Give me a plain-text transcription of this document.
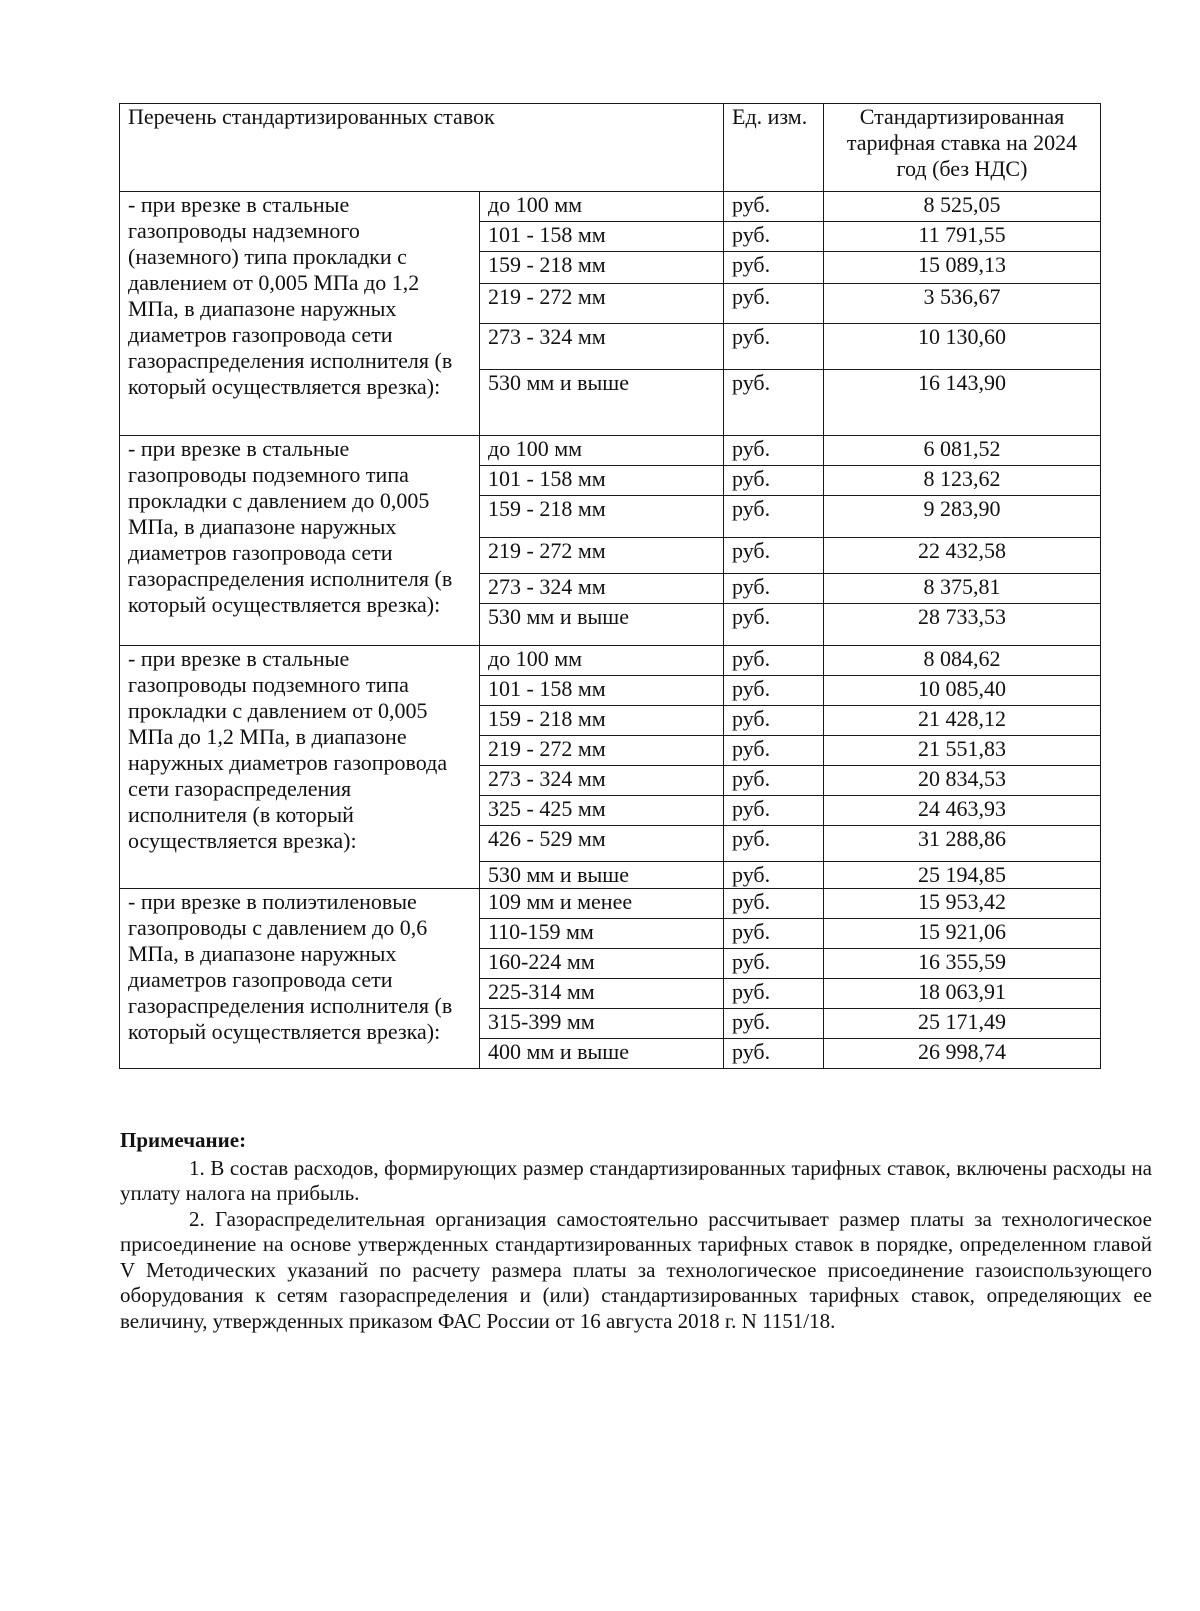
Перечень стандартизированных ставок		Ед. изм.	Стандартизированная тарифная ставка на 2024 год (без НДС)
- при врезке в стальные газопроводы надземного (наземного) типа прокладки с давлением от 0,005 МПа до 1,2 МПа, в диапазоне наружных диаметров газопровода сети газораспределения исполнителя (в который осуществляется врезка):	до 100 мм	руб.	8 525,05
	101 - 158 мм	руб.	11 791,55
	159 - 218 мм	руб.	15 089,13
	219 - 272 мм	руб.	3 536,67
	273 - 324 мм	руб.	10 130,60
	530 мм и выше	руб.	16 143,90
- при врезке в стальные газопроводы подземного типа прокладки с давлением до 0,005 МПа, в диапазоне наружных диаметров газопровода сети газораспределения исполнителя (в который осуществляется врезка):	до 100 мм	руб.	6 081,52
	101 - 158 мм	руб.	8 123,62
	159 - 218 мм	руб.	9 283,90
	219 - 272 мм	руб.	22 432,58
	273 - 324 мм	руб.	8 375,81
	530 мм и выше	руб.	28 733,53
- при врезке в стальные газопроводы подземного типа прокладки с давлением от 0,005 МПа до 1,2 МПа, в диапазоне наружных диаметров газопровода сети газораспределения исполнителя (в который осуществляется врезка):	до 100 мм	руб.	8 084,62
	101 - 158 мм	руб.	10 085,40
	159 - 218 мм	руб.	21 428,12
	219 - 272 мм	руб.	21 551,83
	273 - 324 мм	руб.	20 834,53
	325 - 425 мм	руб.	24 463,93
	426 - 529 мм	руб.	31 288,86
	530 мм и выше	руб.	25 194,85
- при врезке в полиэтиленовые газопроводы с давлением до 0,6 МПа, в диапазоне наружных диаметров газопровода сети газораспределения исполнителя (в который осуществляется врезка):	109 мм и менее	руб.	15 953,42
	110-159 мм	руб.	15 921,06
	160-224 мм	руб.	16 355,59
	225-314 мм	руб.	18 063,91
	315-399 мм	руб.	25 171,49
	400 мм и выше	руб.	26 998,74
Примечание:

1. В состав расходов, формирующих размер стандартизированных тарифных ставок, включены расходы на уплату налога на прибыль.

2. Газораспределительная организация самостоятельно рассчитывает размер платы за технологическое присоединение на основе утвержденных стандартизированных тарифных ставок в порядке, определенном главой V Методических указаний по расчету размера платы за технологическое присоединение газоиспользующего оборудования к сетям газораспределения и (или) стандартизированных тарифных ставок, определяющих ее величину, утвержденных приказом ФАС России от 16 августа 2018 г. N 1151/18.
